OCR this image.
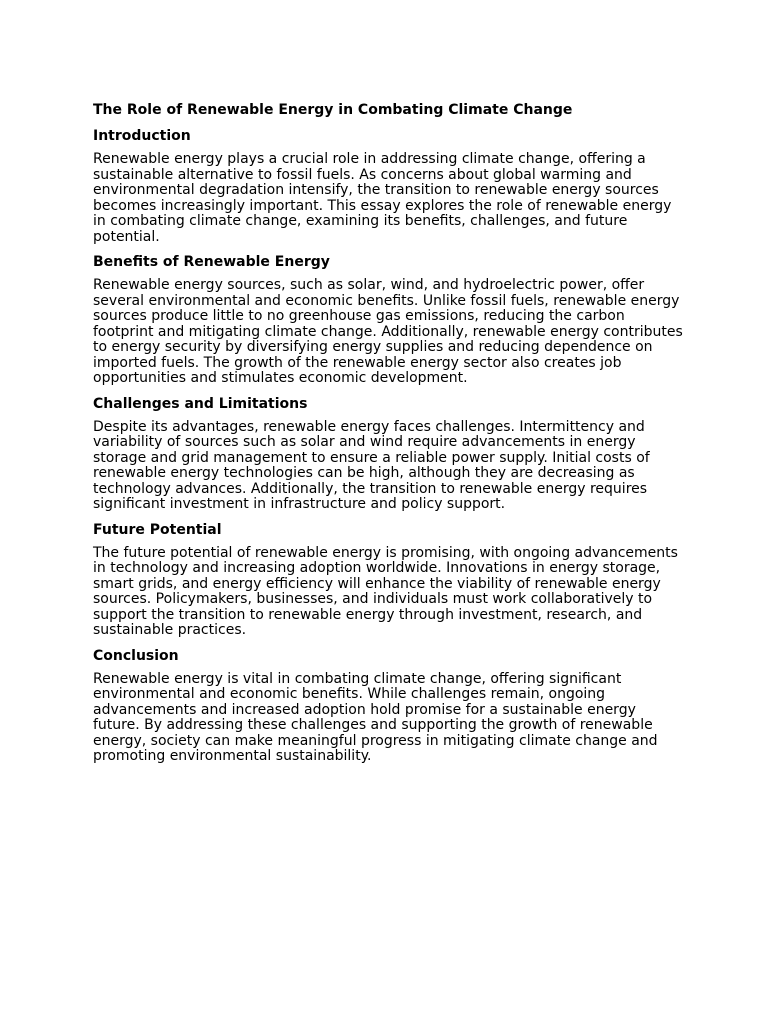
The Role of Renewable Energy in Combating Climate Change
Introduction
Renewable energy plays a crucial role in addressing climate change, offering a sustainable alternative to fossil fuels. As concerns about global warming and environmental degradation intensify, the transition to renewable energy sources becomes increasingly important. This essay explores the role of renewable energy in combating climate change, examining its benefits, challenges, and future potential.
Benefits of Renewable Energy
Renewable energy sources, such as solar, wind, and hydroelectric power, offer several environmental and economic benefits. Unlike fossil fuels, renewable energy sources produce little to no greenhouse gas emissions, reducing the carbon footprint and mitigating climate change. Additionally, renewable energy contributes to energy security by diversifying energy supplies and reducing dependence on imported fuels. The growth of the renewable energy sector also creates job opportunities and stimulates economic development.
Challenges and Limitations
Despite its advantages, renewable energy faces challenges. Intermittency and variability of sources such as solar and wind require advancements in energy storage and grid management to ensure a reliable power supply. Initial costs of renewable energy technologies can be high, although they are decreasing as technology advances. Additionally, the transition to renewable energy requires significant investment in infrastructure and policy support.
Future Potential
The future potential of renewable energy is promising, with ongoing advancements in technology and increasing adoption worldwide. Innovations in energy storage, smart grids, and energy efficiency will enhance the viability of renewable energy sources. Policymakers, businesses, and individuals must work collaboratively to support the transition to renewable energy through investment, research, and sustainable practices.
Conclusion
Renewable energy is vital in combating climate change, offering significant environmental and economic benefits. While challenges remain, ongoing advancements and increased adoption hold promise for a sustainable energy future. By addressing these challenges and supporting the growth of renewable energy, society can make meaningful progress in mitigating climate change and promoting environmental sustainability.
